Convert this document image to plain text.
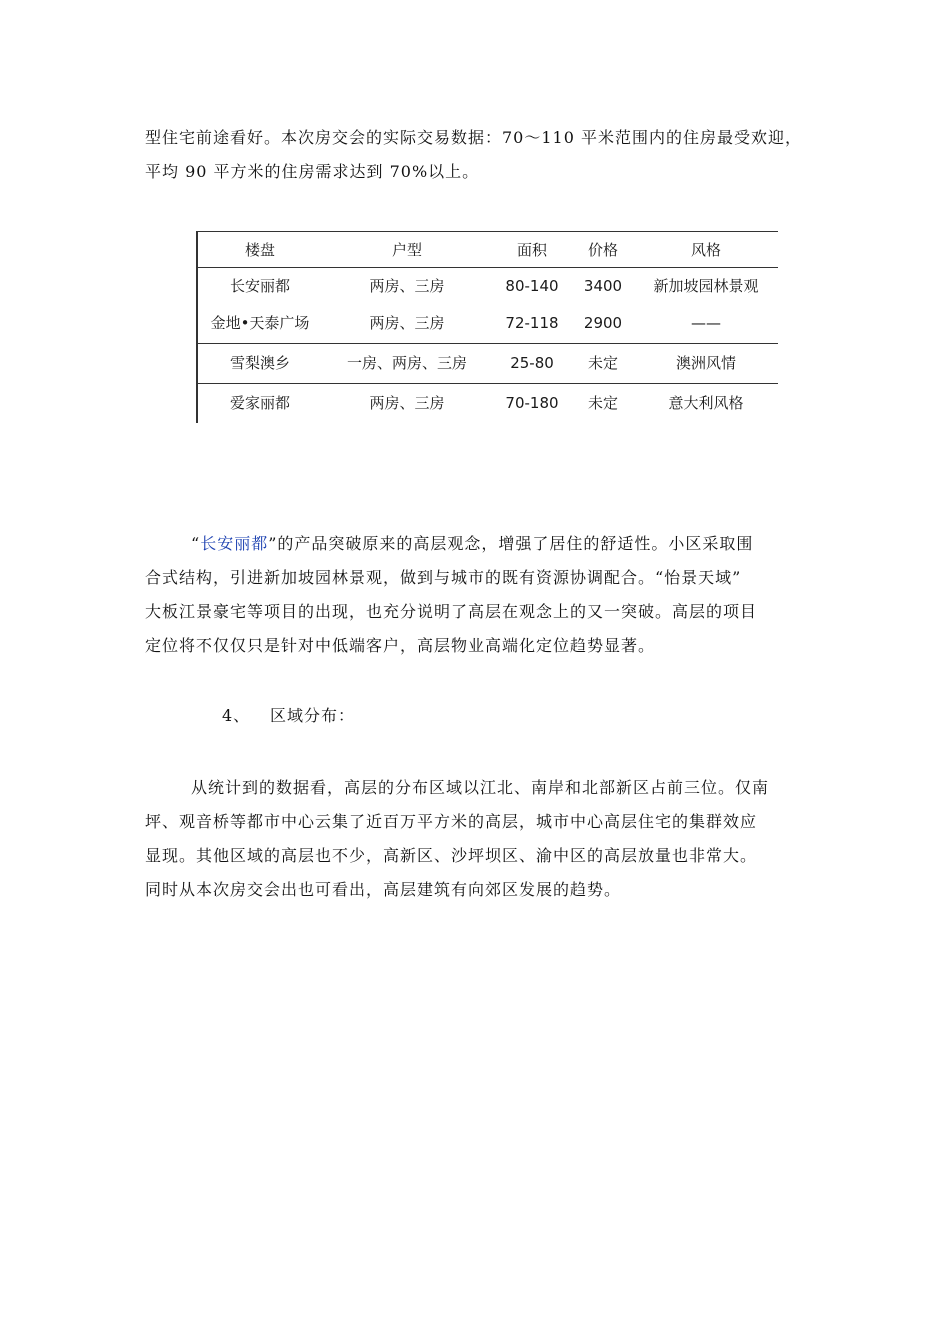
型住宅前途看好。本次房交会的实际交易数据：70～110 平米范围内的住房最受欢迎，
平均 90 平方米的住房需求达到 70%以上。
楼盘	户型	面积	价格	风格
长安丽都	两房、三房	80-140	3400	新加坡园林景观
金地•天泰广场	两房、三房	72-118	2900	——
雪梨澳乡	一房、两房、三房	25-80	未定	澳洲风情
爱家丽都	两房、三房	70-180	未定	意大利风格
“长安丽都”的产品突破原来的高层观念，增强了居住的舒适性。小区采取围
合式结构，引进新加坡园林景观，做到与城市的既有资源协调配合。“怡景天域”
大板江景豪宅等项目的出现，也充分说明了高层在观念上的又一突破。高层的项目
定位将不仅仅只是针对中低端客户，高层物业高端化定位趋势显著。
4、 区域分布：
从统计到的数据看，高层的分布区域以江北、南岸和北部新区占前三位。仅南
坪、观音桥等都市中心云集了近百万平方米的高层，城市中心高层住宅的集群效应
显现。其他区域的高层也不少，高新区、沙坪坝区、渝中区的高层放量也非常大。
同时从本次房交会出也可看出，高层建筑有向郊区发展的趋势。
